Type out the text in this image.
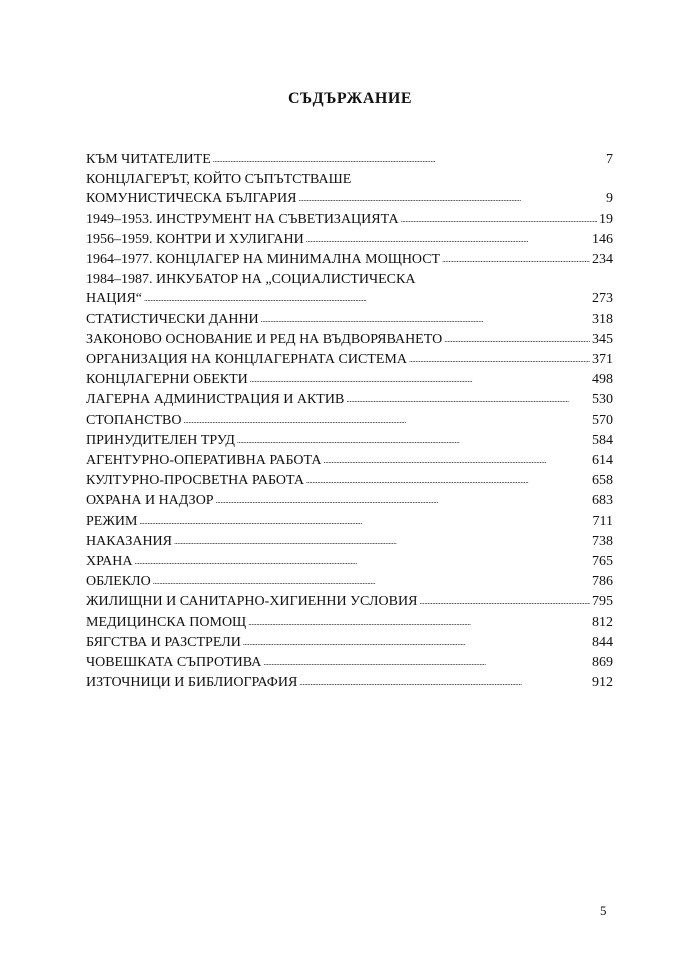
СЪДЪРЖАНИЕ
КЪМ ЧИТАТЕЛИТЕ . . .	7
КОНЦЛАГЕРЪТ, КОЙТО СЪПЪТСТВАШЕ
КОМУНИСТИЧЕСКА БЪЛГАРИЯ . . .	9
1949–1953. ИНСТРУМЕНТ НА СЪВЕТИЗАЦИЯТА . . .	19
1956–1959. КОНТРИ И ХУЛИГАНИ . . .	146
1964–1977. КОНЦЛАГЕР НА МИНИМАЛНА МОЩНОСТ . . .	234
1984–1987. ИНКУБАТОР НА „СОЦИАЛИСТИЧЕСКА
НАЦИЯ“ . . .	273
СТАТИСТИЧЕСКИ ДАННИ . . .	318
ЗАКОНОВО ОСНОВАНИЕ И РЕД НА ВЪДВОРЯВАНЕТО . . .	345
ОРГАНИЗАЦИЯ НА КОНЦЛАГЕРНАТА СИСТЕМА . . .	371
КОНЦЛАГЕРНИ ОБЕКТИ . . .	498
ЛАГЕРНА АДМИНИСТРАЦИЯ И АКТИВ . . .	530
СТОПАНСТВО . . .	570
ПРИНУДИТЕЛЕН ТРУД . . .	584
АГЕНТУРНО-ОПЕРАТИВНА РАБОТА . . .	614
КУЛТУРНО-ПРОСВЕТНА РАБОТА . . .	658
ОХРАНА И НАДЗОР . . .	683
РЕЖИМ . . .	711
НАКАЗАНИЯ . . .	738
ХРАНА . . .	765
ОБЛЕКЛО . . .	786
ЖИЛИЩНИ И САНИТАРНО-ХИГИЕННИ УСЛОВИЯ . . .	795
МЕДИЦИНСКА ПОМОЩ . . .	812
БЯГСТВА И РАЗСТРЕЛИ . . .	844
ЧОВЕШКАТА СЪПРОТИВА . . .	869
ИЗТОЧНИЦИ И БИБЛИОГРАФИЯ . . .	912
5
